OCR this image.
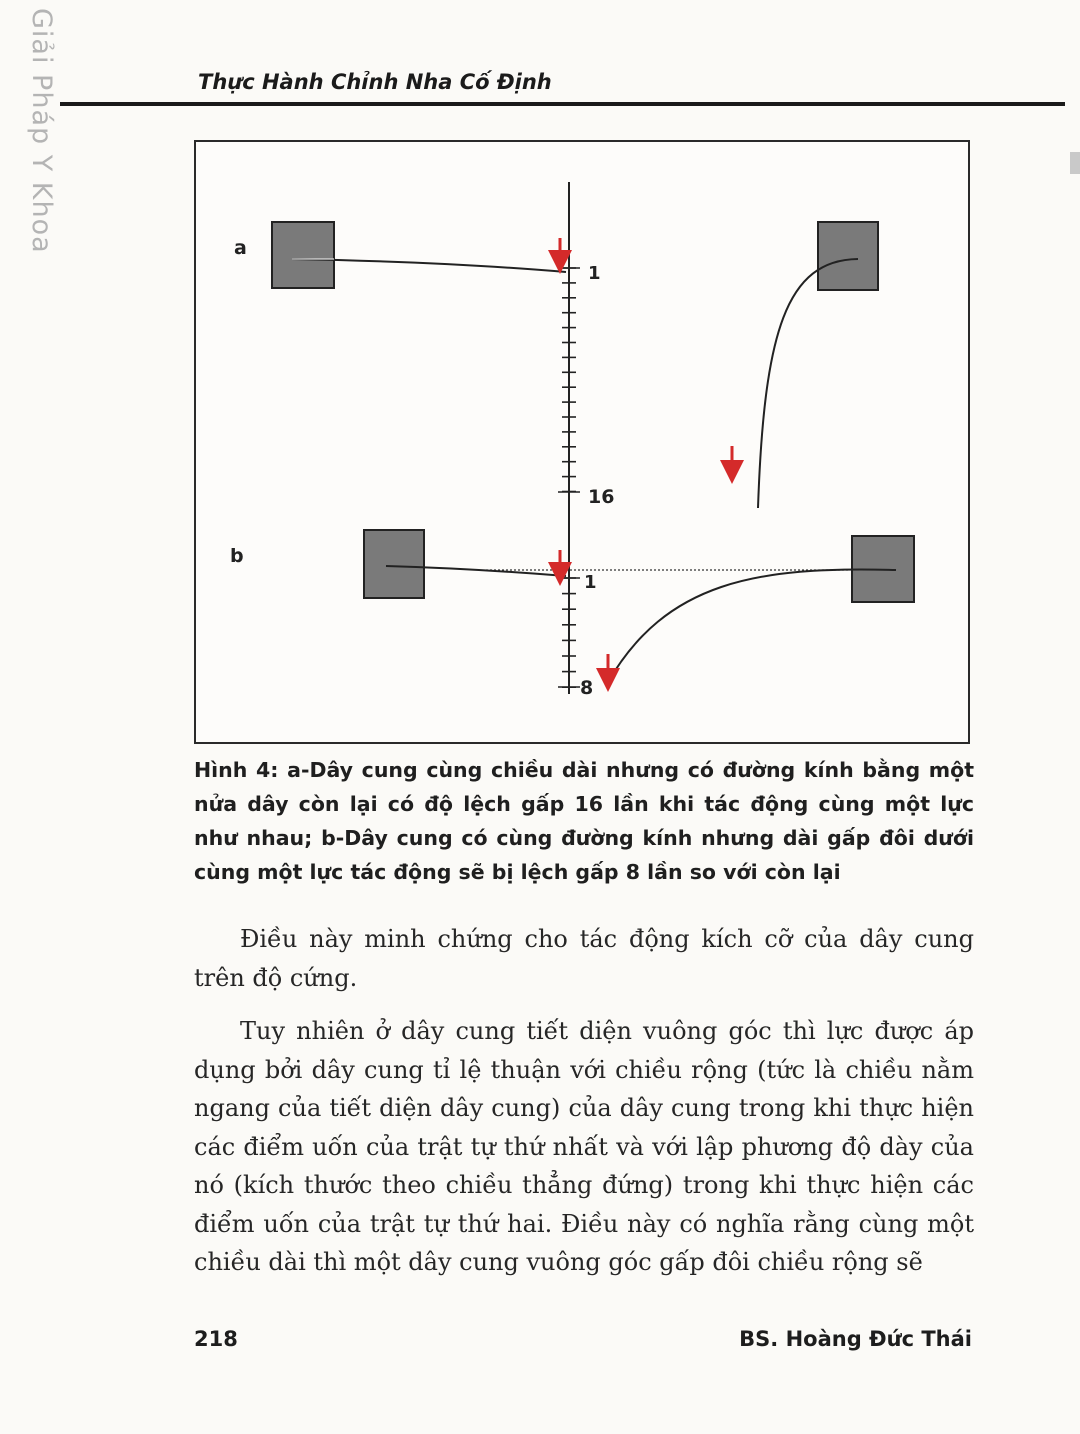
Giải Pháp Y Khoa	Thực Hành Chỉnh Nha Cố Định
a
1
16
b
1
8
Hình 4: a-Dây cung cùng chiều dài nhưng có đường kính bằng một nửa dây còn lại có độ lệch gấp 16 lần khi tác động cùng một lực như nhau; b-Dây cung có cùng đường kính nhưng dài gấp đôi dưới cùng một lực tác động sẽ bị lệch gấp 8 lần so với còn lại
Điều này minh chứng cho tác động kích cỡ của dây cung trên độ cứng.
Tuy nhiên ở dây cung tiết diện vuông góc thì lực được áp dụng bởi dây cung tỉ lệ thuận với chiều rộng (tức là chiều nằm ngang của tiết diện dây cung) của dây cung trong khi thực hiện các điểm uốn của trật tự thứ nhất và với lập phương độ dày của nó (kích thước theo chiều thẳng đứng) trong khi thực hiện các điểm uốn của trật tự thứ hai. Điều này có nghĩa rằng cùng một chiều dài thì một dây cung vuông góc gấp đôi chiều rộng sẽ
218	BS. Hoàng Đức Thái
